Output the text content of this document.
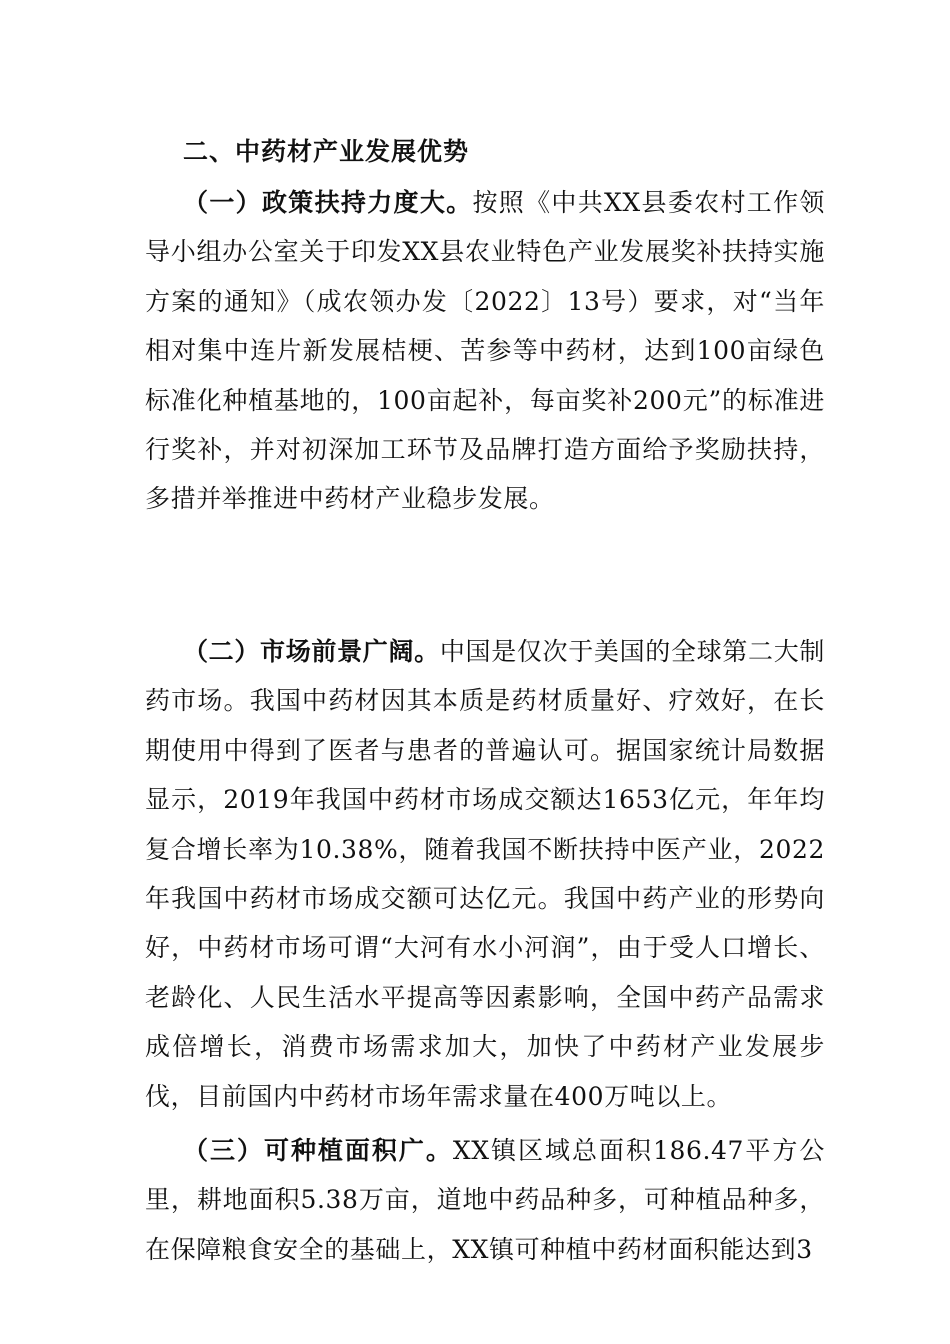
二、中药材产业发展优势

（一）政策扶持力度大。按照《中共XX县委农村工作领导小组办公室关于印发XX县农业特色产业发展奖补扶持实施方案的通知》（成农领办发〔2022〕13号）要求，对“当年相对集中连片新发展桔梗、苦参等中药材，达到100亩绿色标准化种植基地的，100亩起补，每亩奖补200元”的标准进行奖补，并对初深加工环节及品牌打造方面给予奖励扶持，多措并举推进中药材产业稳步发展。

（二）市场前景广阔。中国是仅次于美国的全球第二大制药市场。我国中药材因其本质是药材质量好、疗效好，在长期使用中得到了医者与患者的普遍认可。据国家统计局数据显示，2019年我国中药材市场成交额达1653亿元，年年均复合增长率为10.38%，随着我国不断扶持中医产业，2022年我国中药材市场成交额可达亿元。我国中药产业的形势向好，中药材市场可谓“大河有水小河润”，由于受人口增长、老龄化、人民生活水平提高等因素影响，全国中药产品需求成倍增长，消费市场需求加大，加快了中药材产业发展步伐，目前国内中药材市场年需求量在400万吨以上。

（三）可种植面积广。XX镇区域总面积186.47平方公里，耕地面积5.38万亩，道地中药品种多，可种植品种多，在保障粮食安全的基础上，XX镇可种植中药材面积能达到3
